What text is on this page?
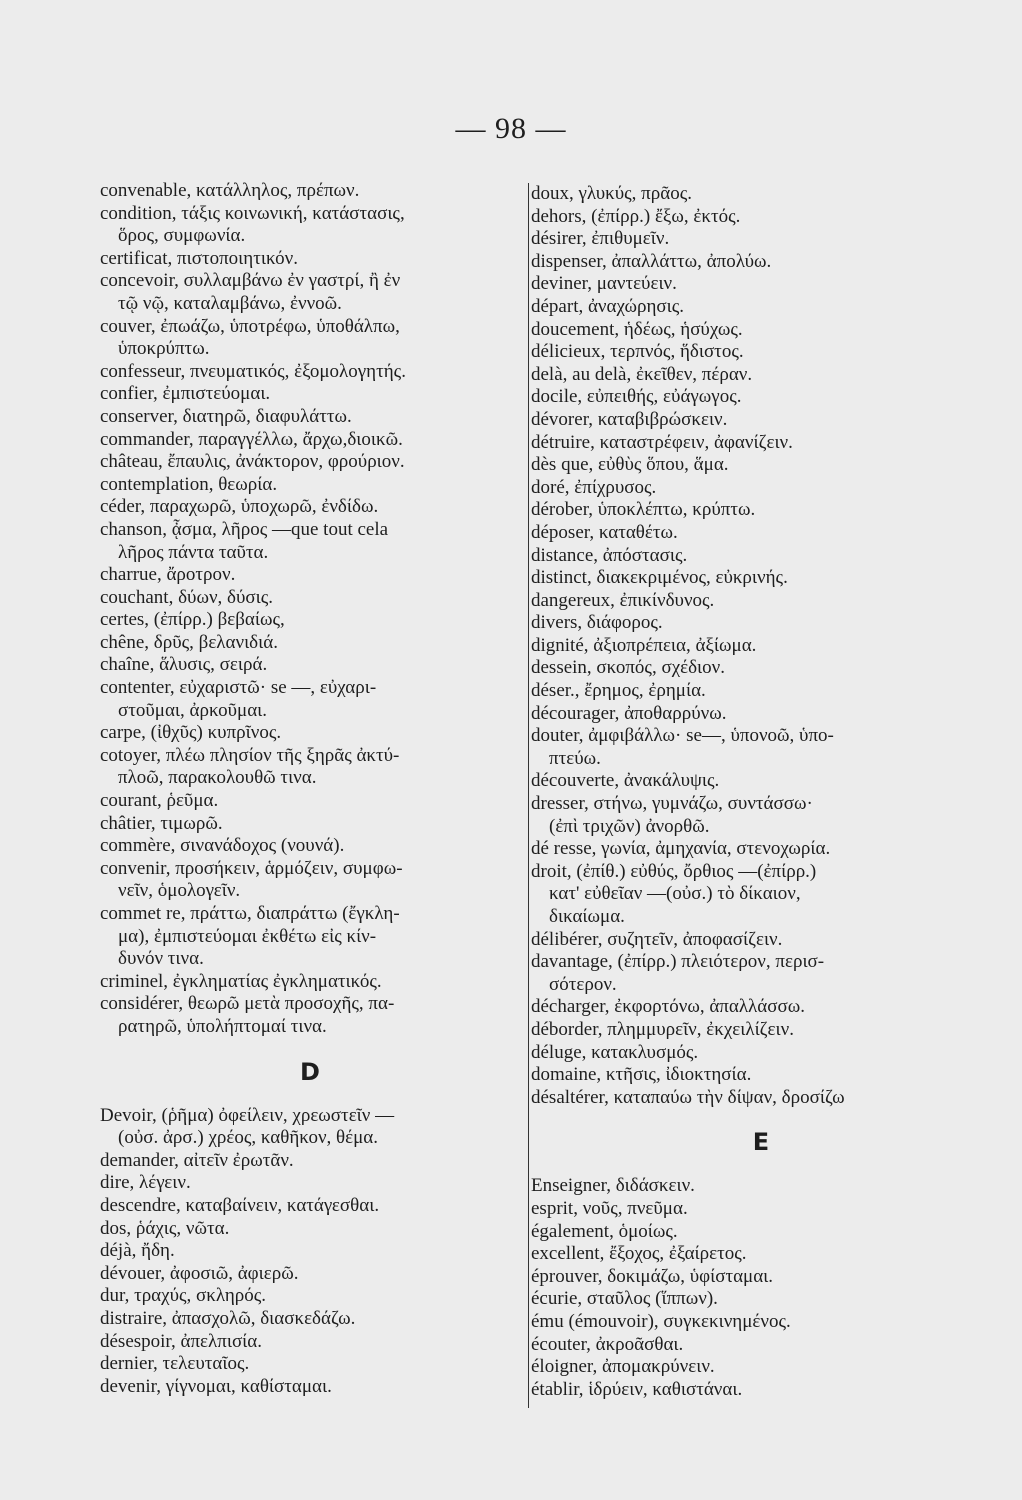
— 98 —
convenable, κατάλληλος, πρέπων.
condition, τάξις κοινωνική, κατάστασις,
ὅρος, συμφωνία.
certificat, πιστοποιητικόν.
concevoir, συλλαμβάνω ἐν γαστρί, ἢ ἐν
τῷ νῷ, καταλαμβάνω, ἐννοῶ.
couver, ἐπωάζω, ὑποτρέφω, ὑποθάλπω,
ὑποκρύπτω.
confesseur, πνευματικός, ἐξομολογητής.
confier, ἐμπιστεύομαι.
conserver, διατηρῶ, διαφυλάττω.
commander, παραγγέλλω, ἄρχω,διοικῶ.
château, ἔπαυλις, ἀνάκτορον, φρούριον.
contemplation, θεωρία.
céder, παραχωρῶ, ὑποχωρῶ, ἐνδίδω.
chanson, ᾆσμα, λῆρος —que tout cela
λῆρος πάντα ταῦτα.
charrue, ἄροτρον.
couchant, δύων, δύσις.
certes, (ἐπίρρ.) βεβαίως,
chêne, δρῦς, βελανιδιά.
chaîne, ἅλυσις, σειρά.
contenter, εὐχαριστῶ· se —, εὐχαρι-
στοῦμαι, ἀρκοῦμαι.
carpe, (ἰθχῦς) κυπρῖνος.
cotoyer, πλέω πλησίον τῆς ξηρᾶς ἀκτύ-
πλοῶ, παρακολουθῶ τινα.
courant, ῥεῦμα.
châtier, τιμωρῶ.
commère, σινανάδοχος (νουνά).
convenir, προσήκειν, ἁρμόζειν, συμφω-
νεῖν, ὁμολογεῖν.
commet re, πράττω, διαπράττω (ἔγκλη-
μα), ἐμπιστεύομαι ἐκθέτω εἰς κίν-
δυνόν τινα.
criminel, ἐγκληματίας ἐγκληματικός.
considérer, θεωρῶ μετὰ προσοχῆς, πα-
ρατηρῶ, ὑπολήπτομαί τινα.
D
Devoir, (ῥῆμα) ὀφείλειν, χρεωστεῖν —
(οὐσ. ἀρσ.) χρέος, καθῆκον, θέμα.
demander, αἰτεῖν ἐρωτᾶν.
dire, λέγειν.
descendre, καταβαίνειν, κατάγεσθαι.
dos, ῥάχις, νῶτα.
déjà, ἤδη.
dévouer, ἀφοσιῶ, ἀφιερῶ.
dur, τραχύς, σκληρός.
distraire, ἀπασχολῶ, διασκεδάζω.
désespoir, ἀπελπισία.
dernier, τελευταῖος.
devenir, γίγνομαι, καθίσταμαι.
doux, γλυκύς, πρᾶος.
dehors, (ἐπίρρ.) ἔξω, ἐκτός.
désirer, ἐπιθυμεῖν.
dispenser, ἀπαλλάττω, ἀπολύω.
deviner, μαντεύειν.
départ, ἀναχώρησις.
doucement, ἡδέως, ἡσύχως.
délicieux, τερπνός, ἥδιστος.
delà, au delà, ἐκεῖθεν, πέραν.
docile, εὐπειθής, εὐάγωγος.
dévorer, καταβιβρώσκειν.
détruire, καταστρέφειν, ἀφανίζειν.
dès que, εὐθὺς ὅπου, ἅμα.
doré, ἐπίχρυσος.
dérober, ὑποκλέπτω, κρύπτω.
déposer, καταθέτω.
distance, ἀπόστασις.
distinct, διακεκριμένος, εὐκρινής.
dangereux, ἐπικίνδυνος.
divers, διάφορος.
dignité, ἀξιοπρέπεια, ἀξίωμα.
dessein, σκοπός, σχέδιον.
déser., ἔρημος, ἐρημία.
décourager, ἀποθαρρύνω.
douter, ἀμφιβάλλω· se—, ὑπονοῶ, ὑπο-
πτεύω.
découverte, ἀνακάλυψις.
dresser, στήνω, γυμνάζω, συντάσσω·
(ἐπὶ τριχῶν) ἀνορθῶ.
dé resse, γωνία, ἀμηχανία, στενοχωρία.
droit, (ἐπίθ.) εὐθύς, ὄρθιος —(ἐπίρρ.)
κατ' εὐθεῖαν —(οὐσ.) τὸ δίκαιον,
δικαίωμα.
délibérer, συζητεῖν, ἀποφασίζειν.
davantage, (ἐπίρρ.) πλειότερον, περισ-
σότερον.
décharger, ἐκφορτόνω, ἀπαλλάσσω.
déborder, πλημμυρεῖν, ἐκχειλίζειν.
déluge, κατακλυσμός.
domaine, κτῆσις, ἰδιοκτησία.
désaltérer, καταπαύω τὴν δίψαν, δροσίζω
E
Enseigner, διδάσκειν.
esprit, νοῦς, πνεῦμα.
également, ὁμοίως.
excellent, ἔξοχος, ἐξαίρετος.
éprouver, δοκιμάζω, ὑφίσταμαι.
écurie, σταῦλος (ἵππων).
ému (émouvoir), συγκεκινημένος.
écouter, ἀκροᾶσθαι.
éloigner, ἀπομακρύνειν.
établir, ἱδρύειν, καθιστάναι.
